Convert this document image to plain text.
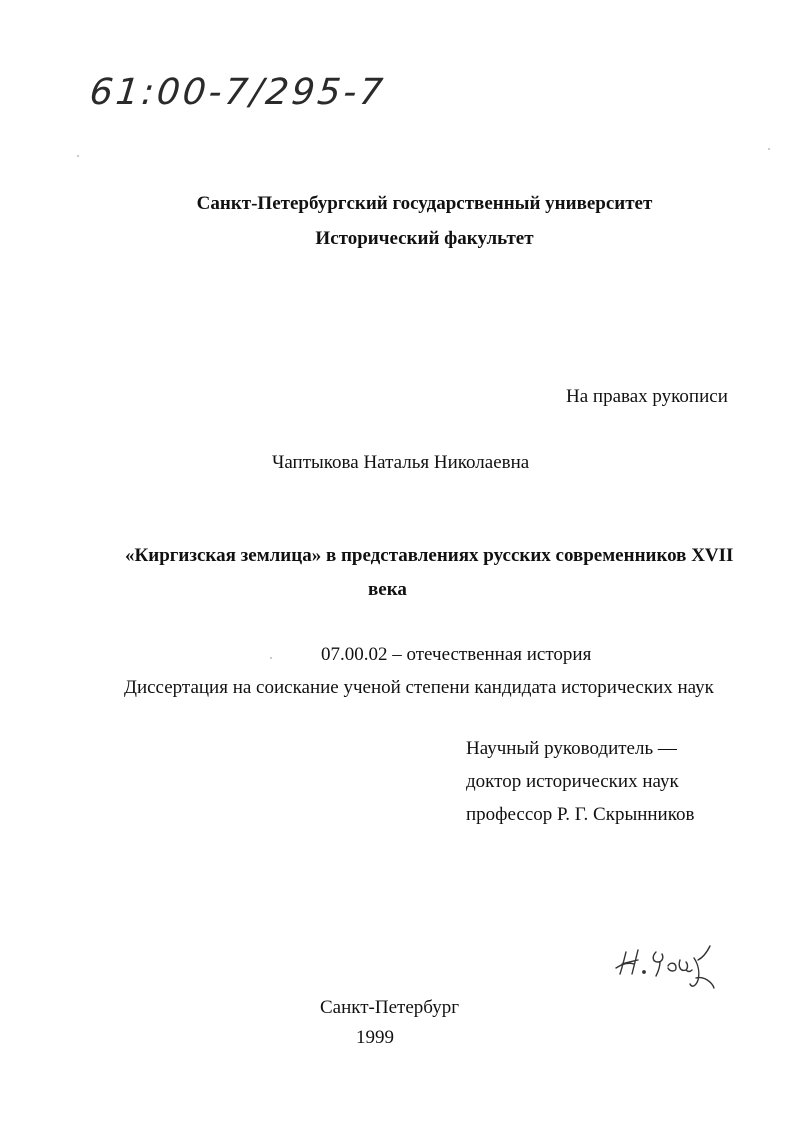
61:00-7/295-7
Санкт-Петербургский государственный университет
Исторический факультет
На правах рукописи
Чаптыкова Наталья Николаевна
«Киргизская землица» в представлениях русских современников XVII
века
07.00.02 – отечественная история
Диссертация на соискание ученой степени кандидата исторических наук
Научный руководитель —
доктор исторических наук
профессор Р. Г. Скрынников
Санкт-Петербург
1999
